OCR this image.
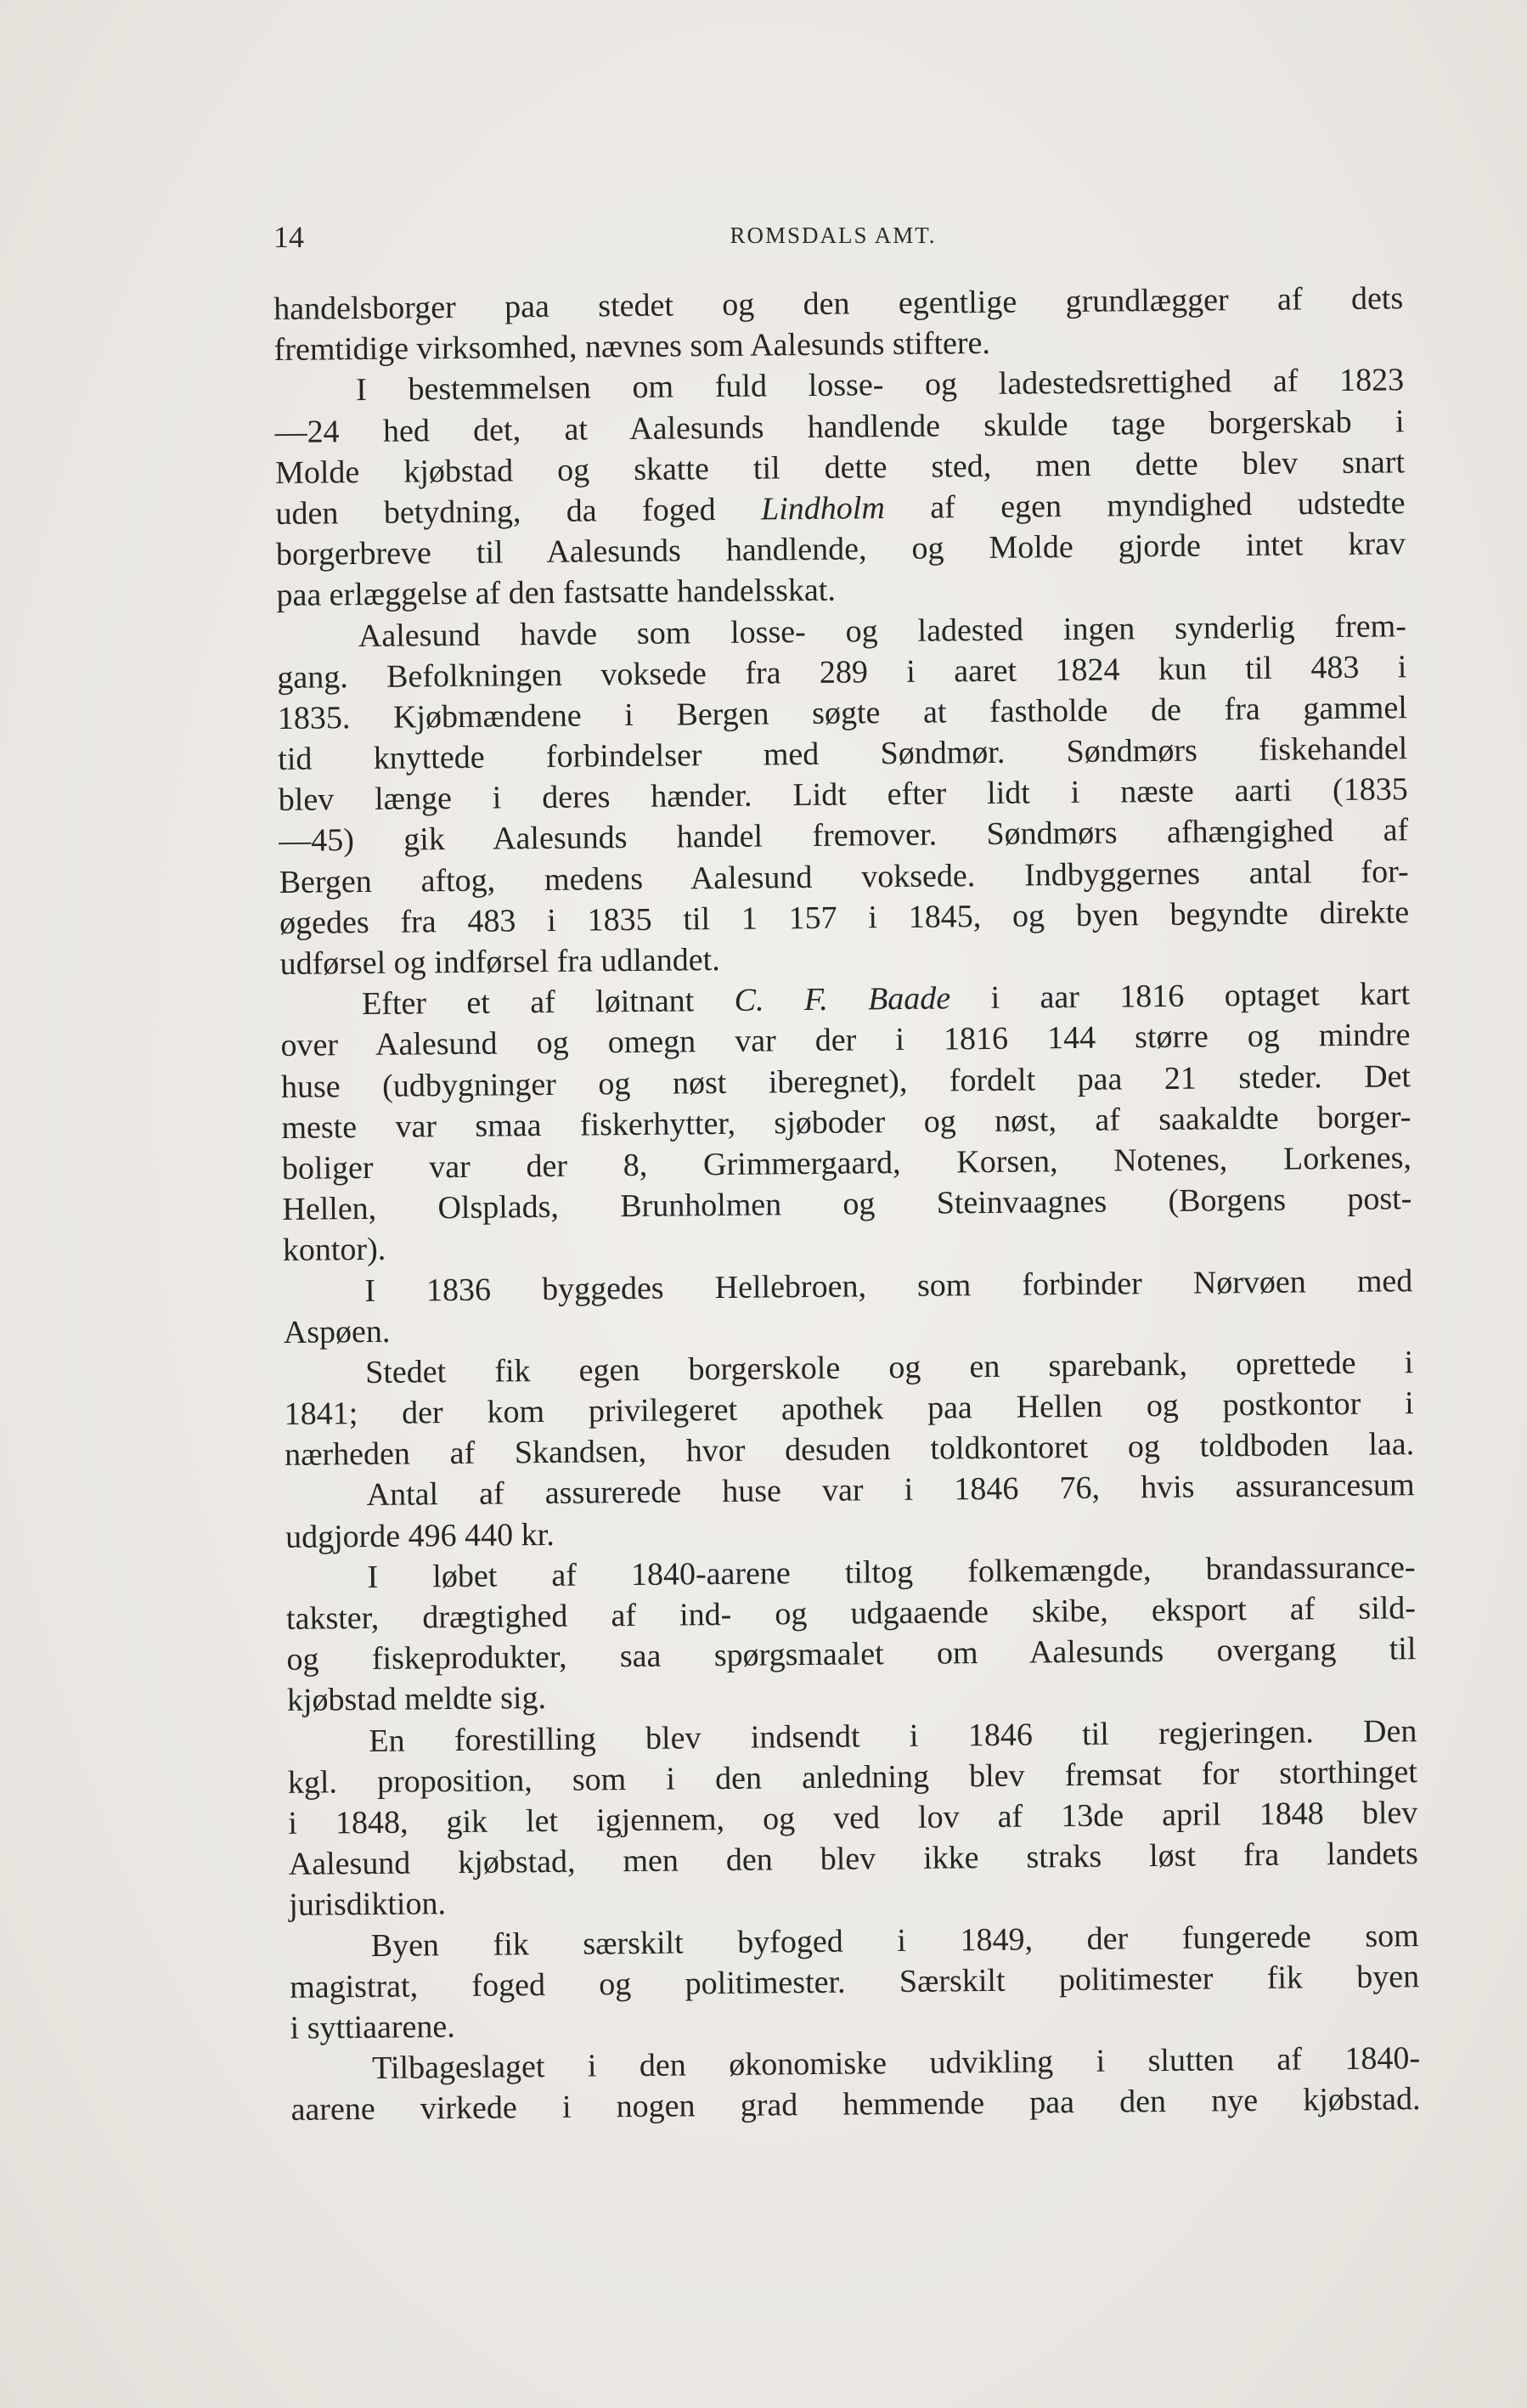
14	ROMSDALS AMT.
handelsborger paa stedet og den egentlige grundlægger af dets
fremtidige virksomhed, nævnes som Aalesunds stiftere.
I bestemmelsen om fuld losse- og ladestedsrettighed af 1823
—24 hed det, at Aalesunds handlende skulde tage borgerskab i
Molde kjøbstad og skatte til dette sted, men dette blev snart
uden betydning, da foged Lindholm af egen myndighed udstedte
borgerbreve til Aalesunds handlende, og Molde gjorde intet krav
paa erlæggelse af den fastsatte handelsskat.
Aalesund havde som losse- og ladested ingen synderlig frem-
gang. Befolkningen voksede fra 289 i aaret 1824 kun til 483 i
1835. Kjøbmændene i Bergen søgte at fastholde de fra gammel
tid knyttede forbindelser med Søndmør. Søndmørs fiskehandel
blev længe i deres hænder. Lidt efter lidt i næste aarti (1835
—45) gik Aalesunds handel fremover. Søndmørs afhængighed af
Bergen aftog, medens Aalesund voksede. Indbyggernes antal for-
øgedes fra 483 i 1835 til 1 157 i 1845, og byen begyndte direkte
udførsel og indførsel fra udlandet.
Efter et af løitnant C. F. Baade i aar 1816 optaget kart
over Aalesund og omegn var der i 1816 144 større og mindre
huse (udbygninger og nøst iberegnet), fordelt paa 21 steder. Det
meste var smaa fiskerhytter, sjøboder og nøst, af saakaldte borger-
boliger var der 8, Grimmergaard, Korsen, Notenes, Lorkenes,
Hellen, Olsplads, Brunholmen og Steinvaagnes (Borgens post-
kontor).
I 1836 byggedes Hellebroen, som forbinder Nørvøen med
Aspøen.
Stedet fik egen borgerskole og en sparebank, oprettede i
1841; der kom privilegeret apothek paa Hellen og postkontor i
nærheden af Skandsen, hvor desuden toldkontoret og toldboden laa.
Antal af assurerede huse var i 1846 76, hvis assurancesum
udgjorde 496 440 kr.
I løbet af 1840-aarene tiltog folkemængde, brandassurance-
takster, drægtighed af ind- og udgaaende skibe, eksport af sild-
og fiskeprodukter, saa spørgsmaalet om Aalesunds overgang til
kjøbstad meldte sig.
En forestilling blev indsendt i 1846 til regjeringen. Den
kgl. proposition, som i den anledning blev fremsat for storthinget
i 1848, gik let igjennem, og ved lov af 13de april 1848 blev
Aalesund kjøbstad, men den blev ikke straks løst fra landets
jurisdiktion.
Byen fik særskilt byfoged i 1849, der fungerede som
magistrat, foged og politimester. Særskilt politimester fik byen
i syttiaarene.
Tilbageslaget i den økonomiske udvikling i slutten af 1840-
aarene virkede i nogen grad hemmende paa den nye kjøbstad.
